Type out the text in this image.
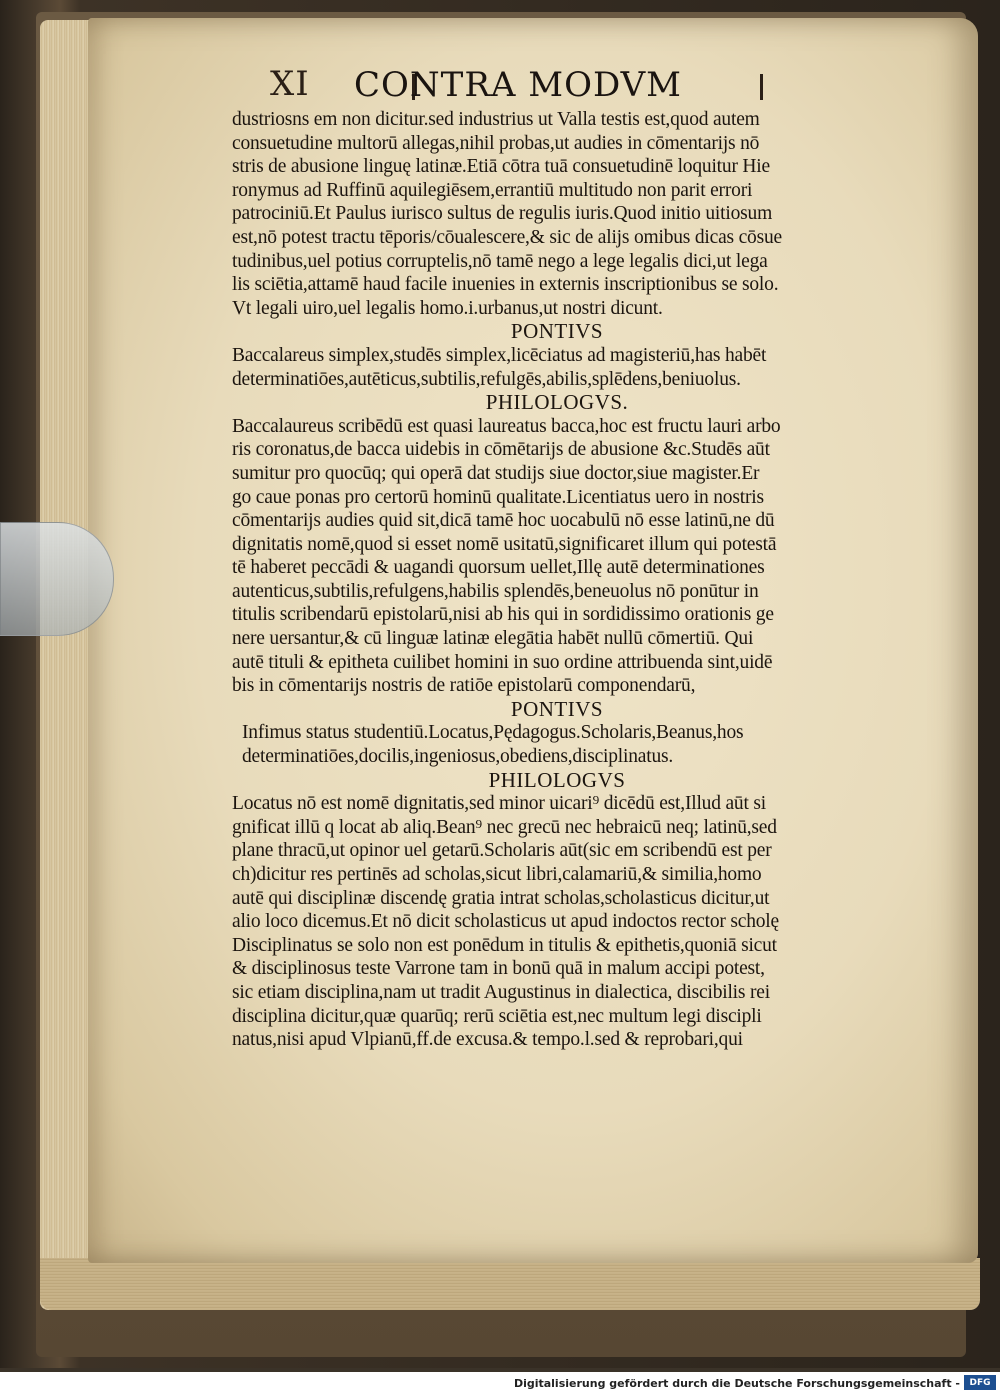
XI	CONTRA MODVM
dustriosns em non dicitur.sed industrius ut Valla testis est,quod autem
consuetudine multorū allegas,nihil probas,ut audies in cōmentarijs nō
stris de abusione linguę latinæ.Etiā cōtra tuā consuetudinē loquitur Hie
ronymus ad Ruffinū aquilegiēsem,errantiū multitudo non parit errori
patrociniū.Et Paulus iurisco sultus de regulis iuris.Quod initio uitiosum
est,nō potest tractu tēporis/cōualescere,& sic de alijs omibus dicas cōsue
tudinibus,uel potius corruptelis,nō tamē nego a lege legalis dici,ut lega
lis sciētia,attamē haud facile inuenies in externis inscriptionibus se solo.
Vt legali uiro,uel legalis homo.i.urbanus,ut nostri dicunt.
PONTIVS
Baccalareus simplex,studēs simplex,licēciatus ad magisteriū,has habēt
determinatiōes,autēticus,subtilis,refulgēs,abilis,splēdens,beniuolus.
PHILOLOGVS.
Baccalaureus scribēdū est quasi laureatus bacca,hoc est fructu lauri arbo
ris coronatus,de bacca uidebis in cōmētarijs de abusione &c.Studēs aūt
sumitur pro quocūq; qui operā dat studijs siue doctor,siue magister.Er
go caue ponas pro certorū hominū qualitate.Licentiatus uero in nostris
cōmentarijs audies quid sit,dicā tamē hoc uocabulū nō esse latinū,ne dū
dignitatis nomē,quod si esset nomē usitatū,significaret illum qui potestā
tē haberet peccādi & uagandi quorsum uellet,Illę autē determinationes
autenticus,subtilis,refulgens,habilis splendēs,beneuolus nō ponūtur in
titulis scribendarū epistolarū,nisi ab his qui in sordidissimo orationis ge
nere uersantur,& cū linguæ latinæ elegātia habēt nullū cōmertiū. Qui
autē tituli & epitheta cuilibet homini in suo ordine attribuenda sint,uidē
bis in cōmentarijs nostris de ratiōe epistolarū componendarū,
PONTIVS
Infimus status studentiū.Locatus,Pędagogus.Scholaris,Beanus,hos
determinatiōes,docilis,ingeniosus,obediens,disciplinatus.
PHILOLOGVS
Locatus nō est nomē dignitatis,sed minor uicari⁹ dicēdū est,Illud aūt si
gnificat illū q locat ab aliq.Bean⁹ nec grecū nec hebraicū neq; latinū,sed
plane thracū,ut opinor uel getarū.Scholaris aūt(sic em scribendū est per
ch)dicitur res pertinēs ad scholas,sicut libri,calamariū,& similia,homo
autē qui disciplinæ discendę gratia intrat scholas,scholasticus dicitur,ut
alio loco dicemus.Et nō dicit scholasticus ut apud indoctos rector scholę
Disciplinatus se solo non est ponēdum in titulis & epithetis,quoniā sicut
& disciplinosus teste Varrone tam in bonū quā in malum accipi potest,
sic etiam disciplina,nam ut tradit Augustinus in dialectica, discibilis rei
disciplina dicitur,quæ quarūq; rerū sciētia est,nec multum legi discipli
natus,nisi apud Vlpianū,ff.de excusa.& tempo.l.sed & reprobari,qui
Digitalisierung gefördert durch die Deutsche Forschungsgemeinschaft -	DFG
